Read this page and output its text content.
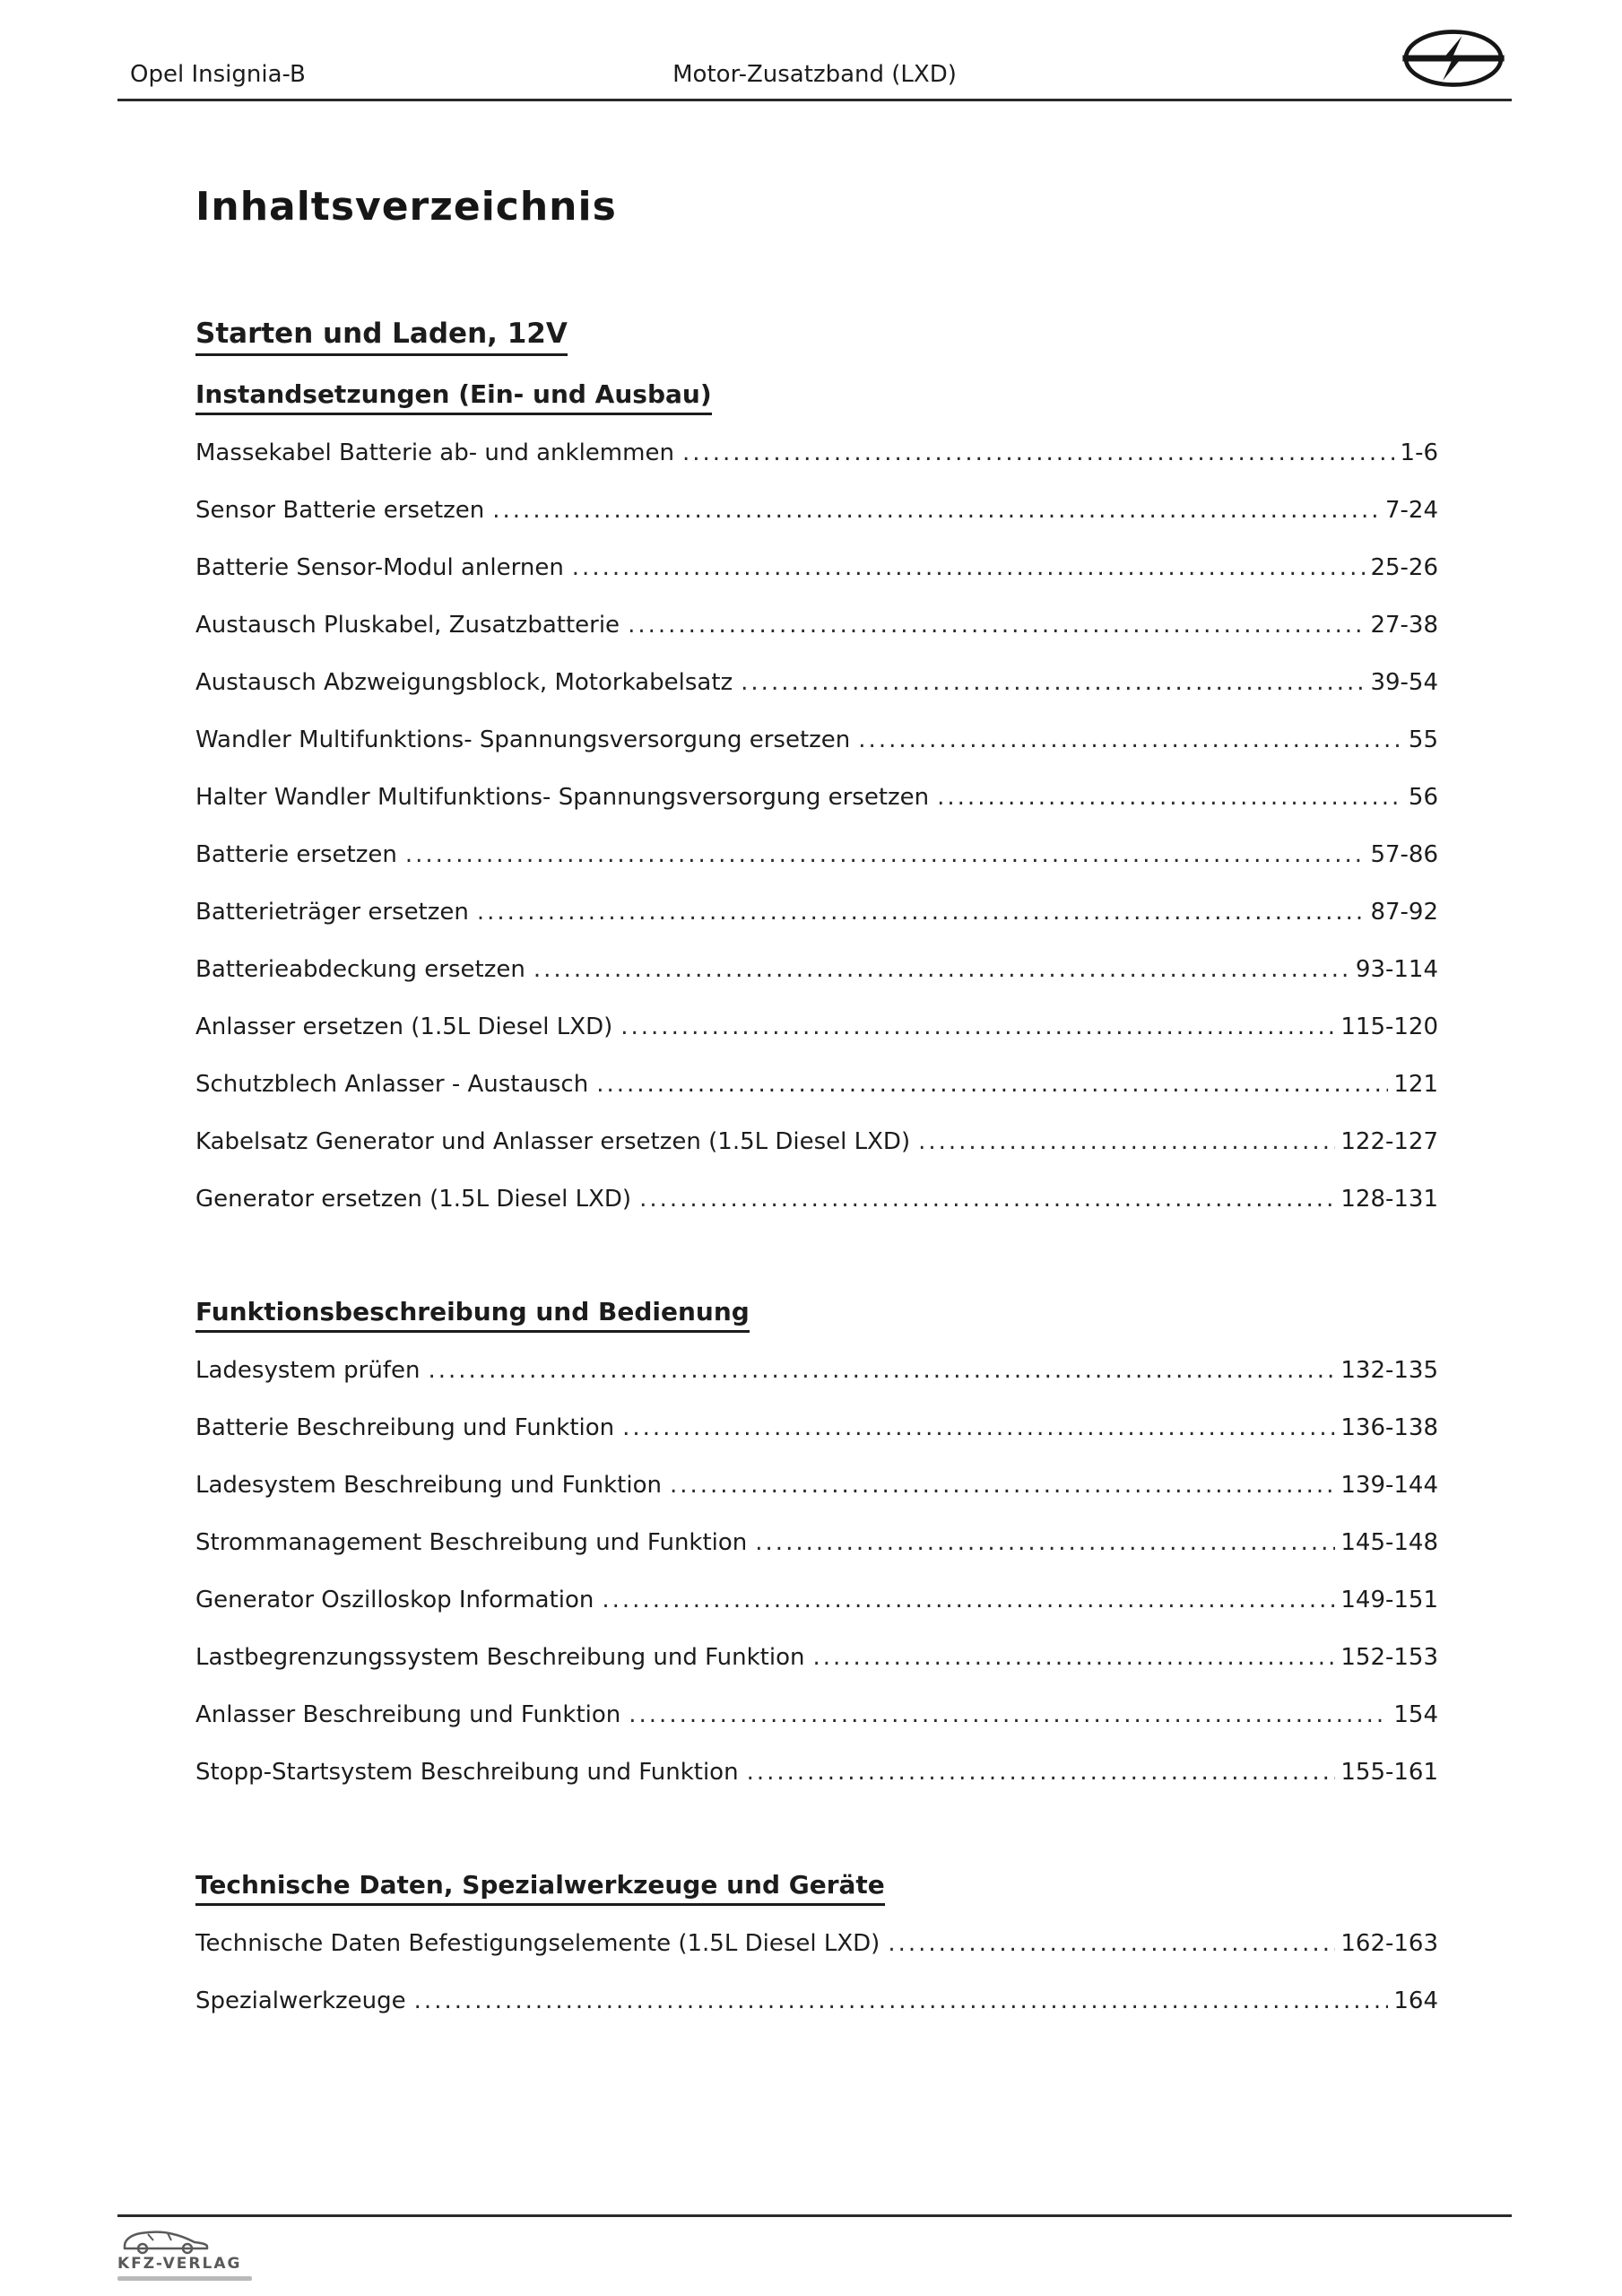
Opel Insignia-B	Motor-Zusatzband (LXD)
Inhaltsverzeichnis
Starten und Laden, 12V
Instandsetzungen (Ein- und Ausbau)
Massekabel Batterie ab- und anklemmen .....	1-6
Sensor Batterie ersetzen .....	7-24
Batterie Sensor-Modul anlernen .....	25-26
Austausch Pluskabel, Zusatzbatterie .....	27-38
Austausch Abzweigungsblock, Motorkabelsatz .....	39-54
Wandler Multifunktions- Spannungsversorgung ersetzen .....	55
Halter Wandler Multifunktions- Spannungsversorgung ersetzen .....	56
Batterie ersetzen .....	57-86
Batterieträger ersetzen .....	87-92
Batterieabdeckung ersetzen .....	93-114
Anlasser ersetzen (1.5L Diesel LXD) .....	115-120
Schutzblech Anlasser - Austausch .....	121
Kabelsatz Generator und Anlasser ersetzen (1.5L Diesel LXD) .....	122-127
Generator ersetzen (1.5L Diesel LXD) .....	128-131
Funktionsbeschreibung und Bedienung
Ladesystem prüfen .....	132-135
Batterie Beschreibung und Funktion .....	136-138
Ladesystem Beschreibung und Funktion .....	139-144
Strommanagement Beschreibung und Funktion .....	145-148
Generator Oszilloskop Information .....	149-151
Lastbegrenzungssystem Beschreibung und Funktion .....	152-153
Anlasser Beschreibung und Funktion .....	154
Stopp-Startsystem Beschreibung und Funktion .....	155-161
Technische Daten, Spezialwerkzeuge und Geräte
Technische Daten Befestigungselemente (1.5L Diesel LXD) .....	162-163
Spezialwerkzeuge .....	164
KFZ-VERLAG
